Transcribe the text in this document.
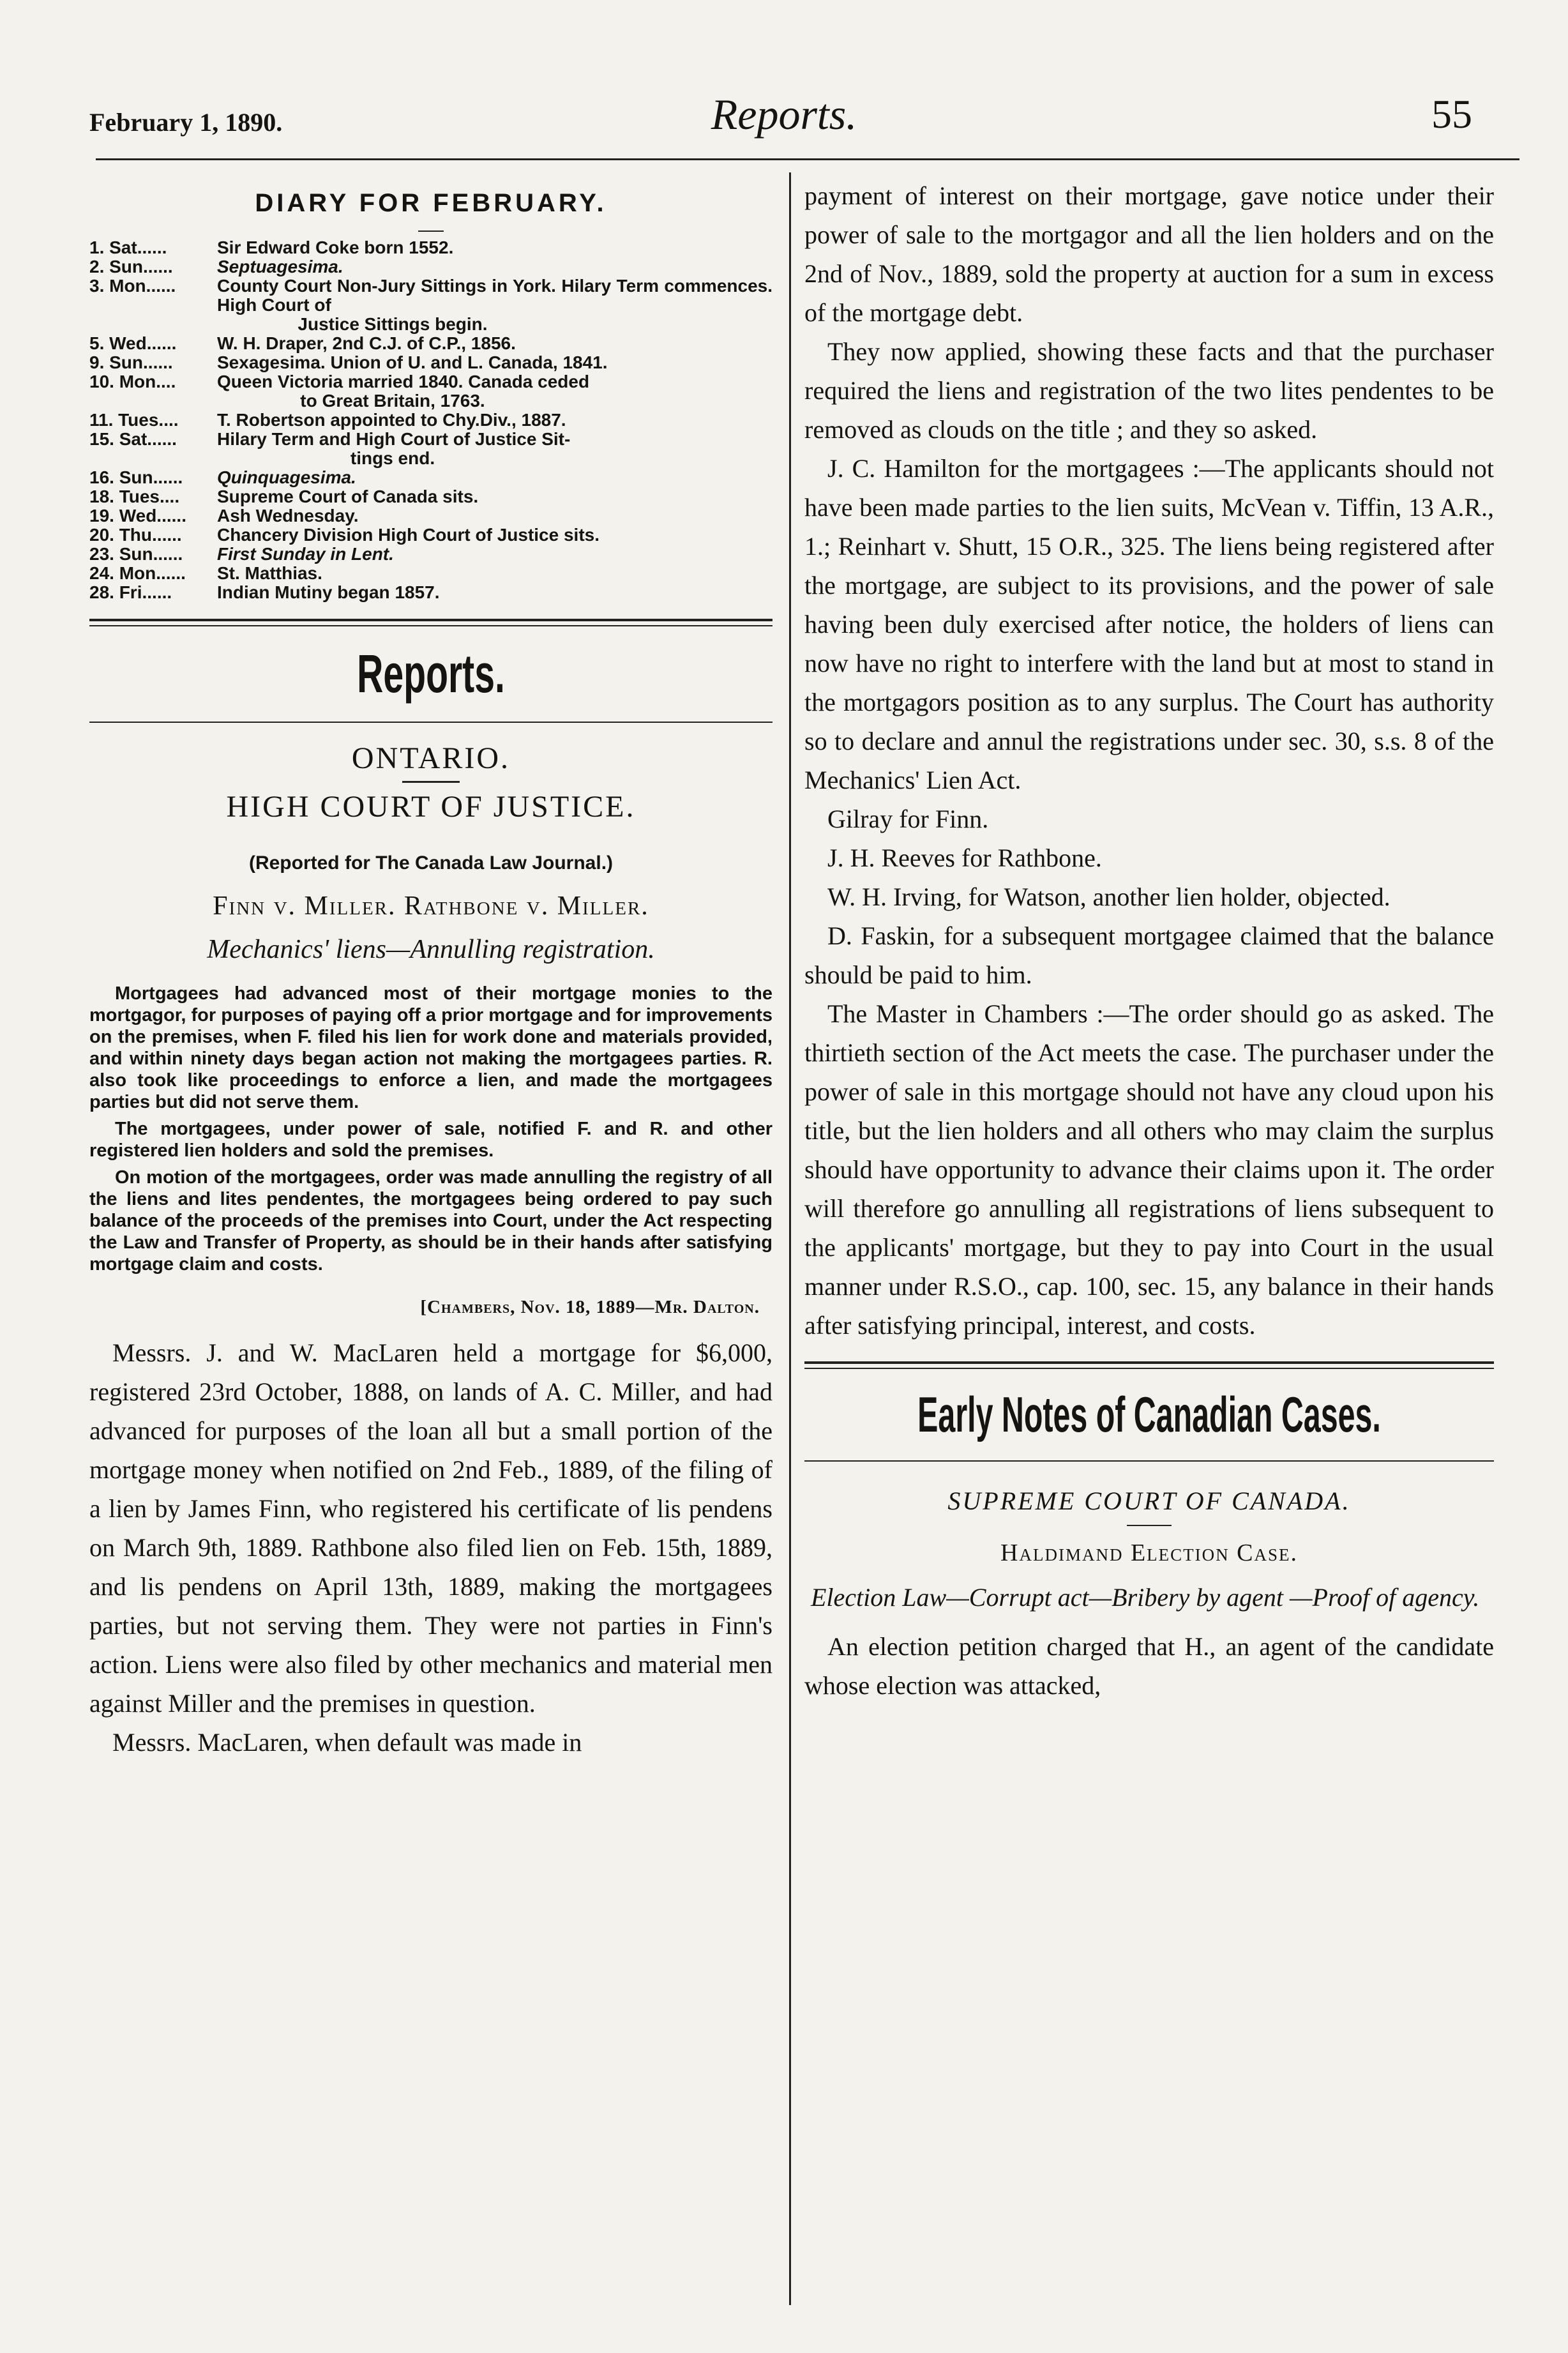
February 1, 1890.	Reports.	55
DIARY FOR FEBRUARY.
1. Sat......	Sir Edward Coke born 1552.
2. Sun......	Septuagesima.
3. Mon......	County Court Non-Jury Sittings in York. Hilary Term commences. High Court of
Justice Sittings begin.
5. Wed......	W. H. Draper, 2nd C.J. of C.P., 1856.
9. Sun......	Sexagesima. Union of U. and L. Canada, 1841.
10. Mon....	Queen Victoria married 1840. Canada ceded
to Great Britain, 1763.
11. Tues....	T. Robertson appointed to Chy.Div., 1887.
15. Sat......	Hilary Term and High Court of Justice Sit-
tings end.
16. Sun......	Quinquagesima.
18. Tues....	Supreme Court of Canada sits.
19. Wed......	Ash Wednesday.
20. Thu......	Chancery Division High Court of Justice sits.
23. Sun......	First Sunday in Lent.
24. Mon......	St. Matthias.
28. Fri......	Indian Mutiny began 1857.
Reports.
ONTARIO.
HIGH COURT OF JUSTICE.
(Reported for The Canada Law Journal.)
Finn v. Miller. Rathbone v. Miller.
Mechanics' liens—Annulling registration.

Mortgagees had advanced most of their mortgage monies to the mortgagor, for purposes of paying off a prior mortgage and for improvements on the premises, when F. filed his lien for work done and materials provided, and within ninety days began action not making the mortgagees parties. R. also took like proceedings to enforce a lien, and made the mortgagees parties but did not serve them.

The mortgagees, under power of sale, notified F. and R. and other registered lien holders and sold the premises.

On motion of the mortgagees, order was made annulling the registry of all the liens and lites pendentes, the mortgagees being ordered to pay such balance of the proceeds of the premises into Court, under the Act respecting the Law and Transfer of Property, as should be in their hands after satisfying mortgage claim and costs.

[Chambers, Nov. 18, 1889—Mr. Dalton.

Messrs. J. and W. MacLaren held a mortgage for $6,000, registered 23rd October, 1888, on lands of A. C. Miller, and had advanced for purposes of the loan all but a small portion of the mortgage money when notified on 2nd Feb., 1889, of the filing of a lien by James Finn, who registered his certificate of lis pendens on March 9th, 1889. Rathbone also filed lien on Feb. 15th, 1889, and lis pendens on April 13th, 1889, making the mortgagees parties, but not serving them. They were not parties in Finn's action. Liens were also filed by other mechanics and material men against Miller and the premises in question.

Messrs. MacLaren, when default was made in

payment of interest on their mortgage, gave notice under their power of sale to the mortgagor and all the lien holders and on the 2nd of Nov., 1889, sold the property at auction for a sum in excess of the mortgage debt.

They now applied, showing these facts and that the purchaser required the liens and registration of the two lites pendentes to be removed as clouds on the title ; and they so asked.

J. C. Hamilton for the mortgagees :—The applicants should not have been made parties to the lien suits, McVean v. Tiffin, 13 A.R., 1.; Reinhart v. Shutt, 15 O.R., 325. The liens being registered after the mortgage, are subject to its provisions, and the power of sale having been duly exercised after notice, the holders of liens can now have no right to interfere with the land but at most to stand in the mortgagors position as to any surplus. The Court has authority so to declare and annul the registrations under sec. 30, s.s. 8 of the Mechanics' Lien Act.

Gilray for Finn.

J. H. Reeves for Rathbone.

W. H. Irving, for Watson, another lien holder, objected.

D. Faskin, for a subsequent mortgagee claimed that the balance should be paid to him.

The Master in Chambers :—The order should go as asked. The thirtieth section of the Act meets the case. The purchaser under the power of sale in this mortgage should not have any cloud upon his title, but the lien holders and all others who may claim the surplus should have opportunity to advance their claims upon it. The order will therefore go annulling all registrations of liens subsequent to the applicants' mortgage, but they to pay into Court in the usual manner under R.S.O., cap. 100, sec. 15, any balance in their hands after satisfying principal, interest, and costs.

Early Notes of Canadian Cases.
SUPREME COURT OF CANADA.
Haldimand Election Case.

Election Law—Corrupt act—Bribery by agent —Proof of agency.

An election petition charged that H., an agent of the candidate whose election was attacked,
